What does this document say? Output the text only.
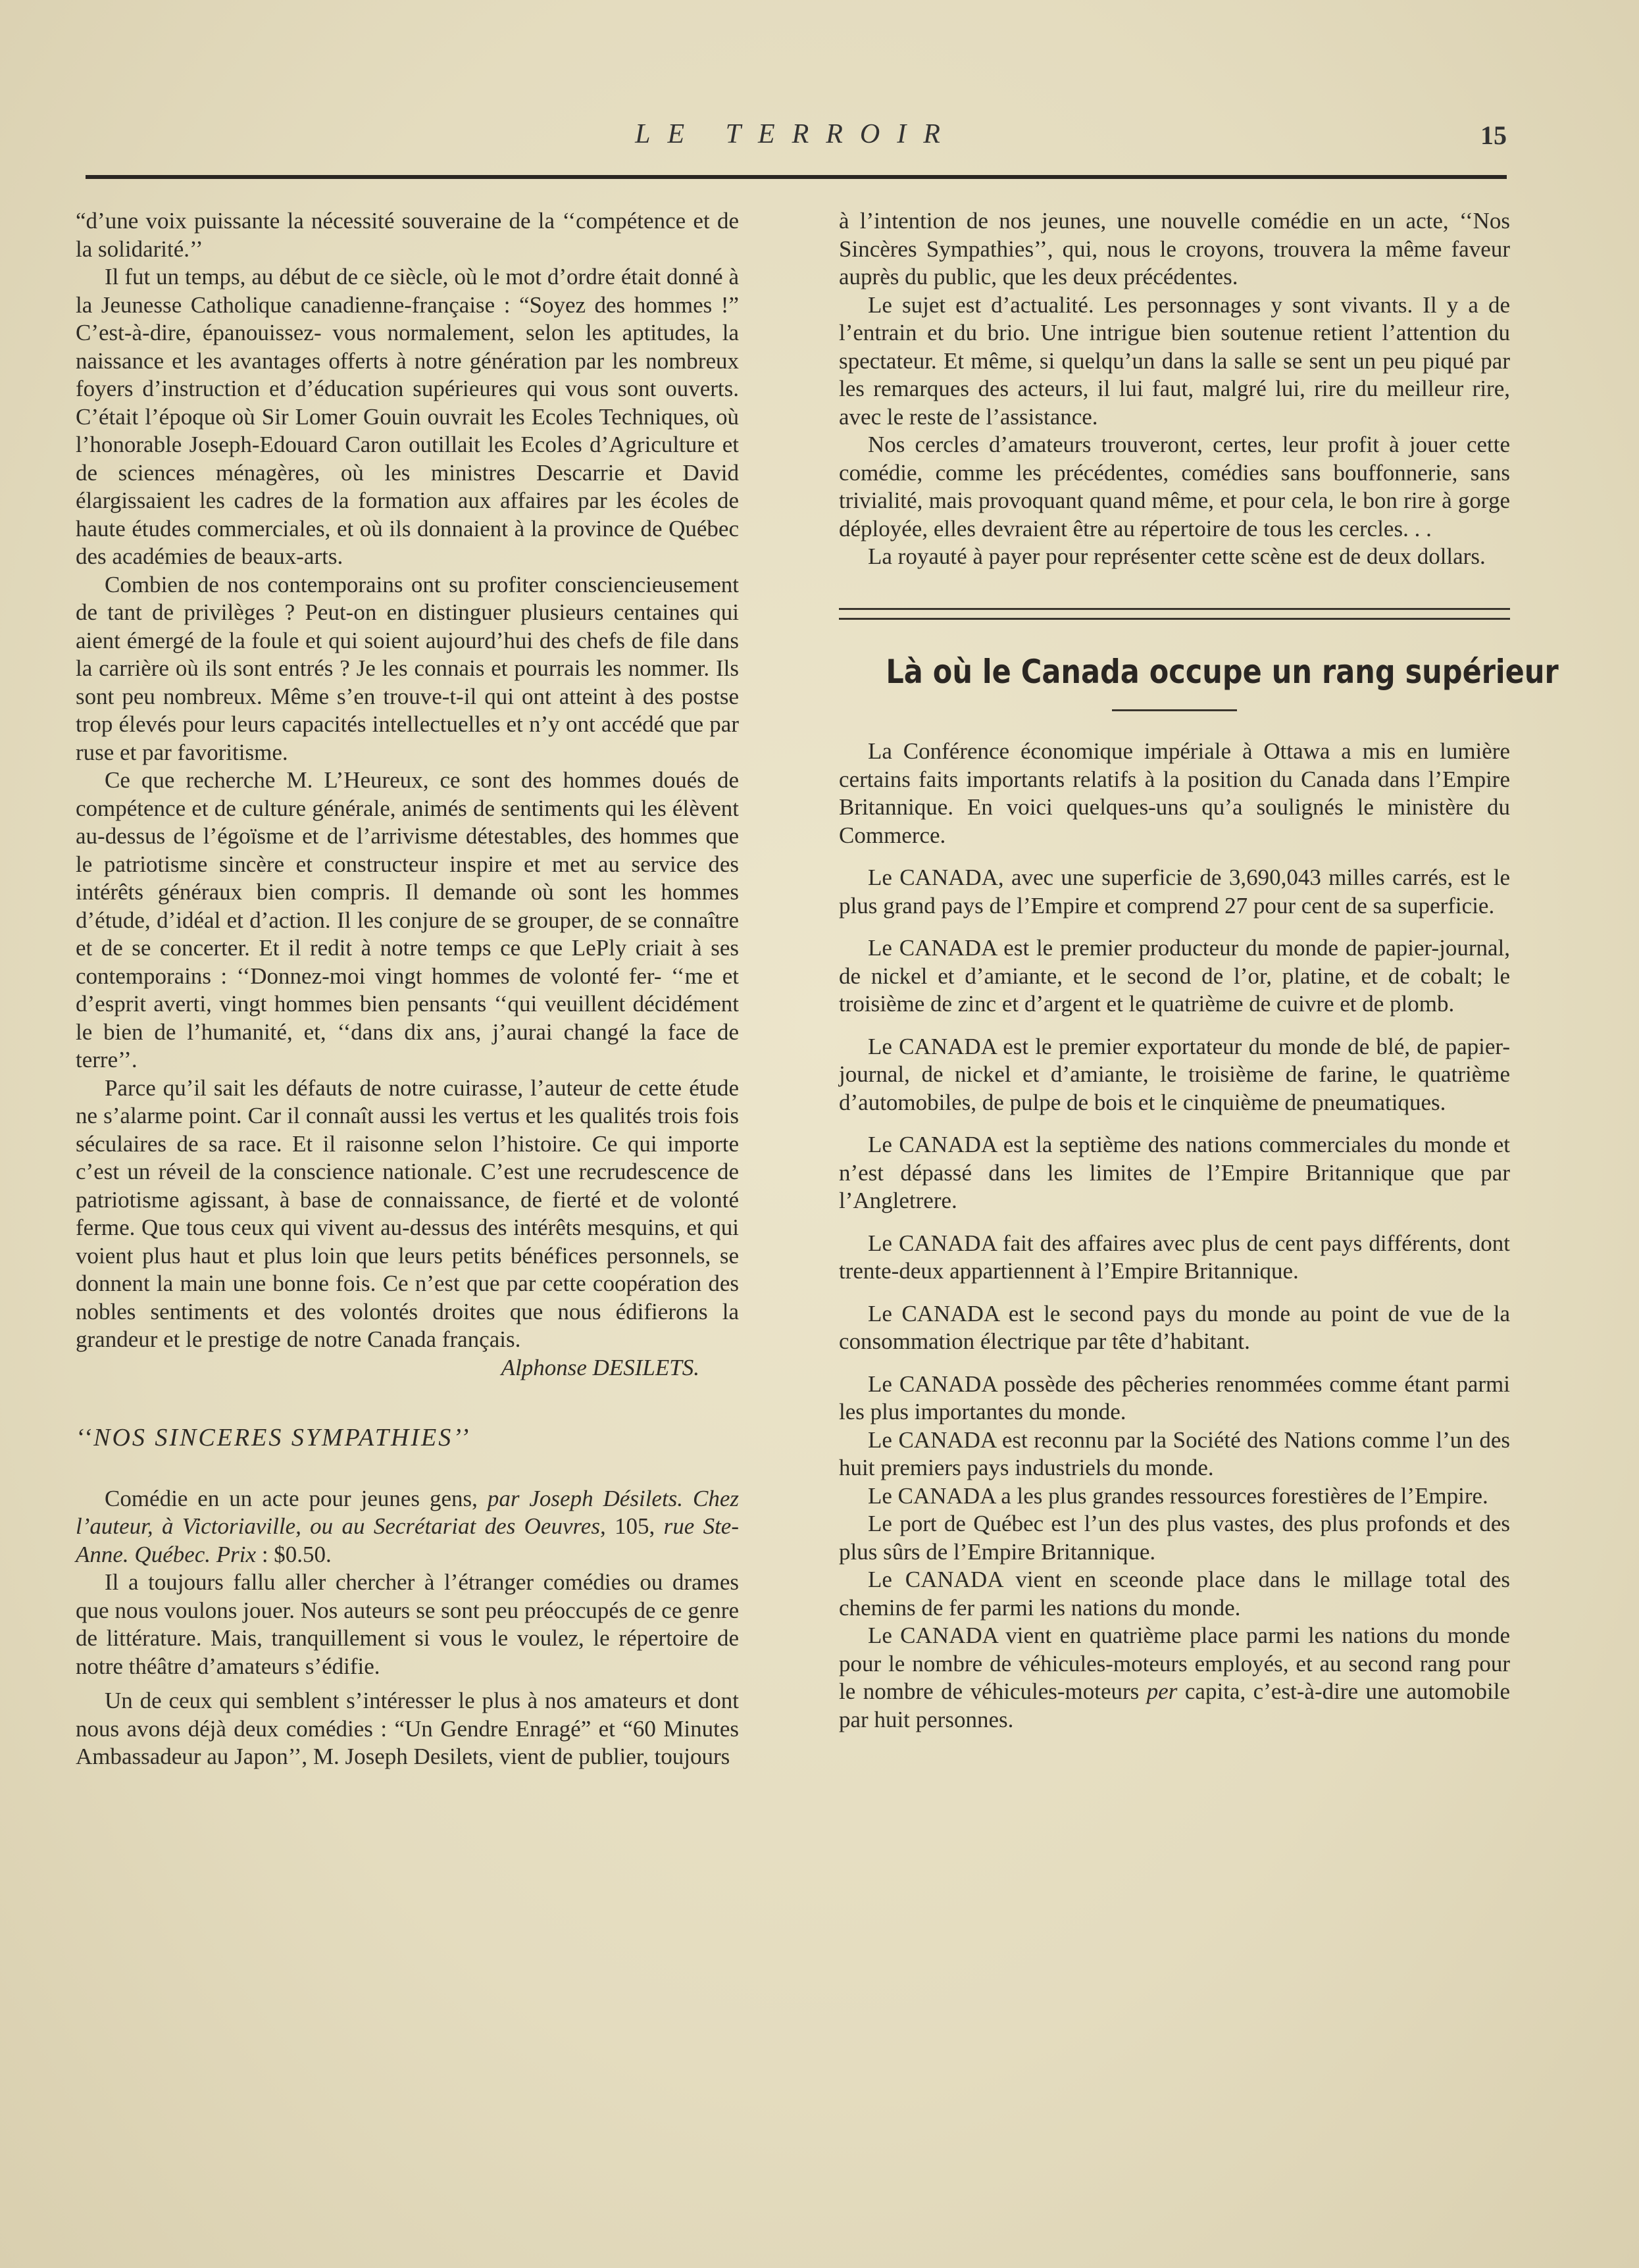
LE TERROIR	15

“d’une voix puissante la nécessité souveraine de la ‘‘compétence et de la solidarité.’’

Il fut un temps, au début de ce siècle, où le mot d’ordre était donné à la Jeunesse Catholique canadienne-française : “Soyez des hommes !” C’est-à-dire, épanouissez- vous normalement, selon les aptitudes, la naissance et les avantages offerts à notre génération par les nombreux foyers d’instruction et d’éducation supérieures qui vous sont ouverts. C’était l’époque où Sir Lomer Gouin ouvrait les Ecoles Techniques, où l’honorable Joseph-Edouard Caron outillait les Ecoles d’Agriculture et de sciences ménagères, où les ministres Descarrie et David élargissaient les cadres de la formation aux affaires par les écoles de haute études commerciales, et où ils donnaient à la province de Québec des académies de beaux-arts.

Combien de nos contemporains ont su profiter consciencieusement de tant de privilèges ? Peut-on en distinguer plusieurs centaines qui aient émergé de la foule et qui soient aujourd’hui des chefs de file dans la carrière où ils sont entrés ? Je les connais et pourrais les nommer. Ils sont peu nombreux. Même s’en trouve-t-il qui ont atteint à des postse trop élevés pour leurs capacités intellectuelles et n’y ont accédé que par ruse et par favoritisme.

Ce que recherche M. L’Heureux, ce sont des hommes doués de compétence et de culture générale, animés de sentiments qui les élèvent au-dessus de l’égoïsme et de l’arrivisme détestables, des hommes que le patriotisme sincère et constructeur inspire et met au service des intérêts généraux bien compris. Il demande où sont les hommes d’étude, d’idéal et d’action. Il les conjure de se grouper, de se connaître et de se concerter. Et il redit à notre temps ce que LePly criait à ses contemporains : ‘‘Donnez-moi vingt hommes de volonté fer- ‘‘me et d’esprit averti, vingt hommes bien pensants ‘‘qui veuillent décidément le bien de l’humanité, et, ‘‘dans dix ans, j’aurai changé la face de terre’’.

Parce qu’il sait les défauts de notre cuirasse, l’auteur de cette étude ne s’alarme point. Car il connaît aussi les vertus et les qualités trois fois séculaires de sa race. Et il raisonne selon l’histoire. Ce qui importe c’est un réveil de la conscience nationale. C’est une recrudescence de patriotisme agissant, à base de connaissance, de fierté et de volonté ferme. Que tous ceux qui vivent au-dessus des intérêts mesquins, et qui voient plus haut et plus loin que leurs petits bénéfices personnels, se donnent la main une bonne fois. Ce n’est que par cette coopération des nobles sentiments et des volontés droites que nous édifierons la grandeur et le prestige de notre Canada français.

Alphonse DESILETS.

‘‘NOS SINCERES SYMPATHIES’’

Comédie en un acte pour jeunes gens, par Joseph Désilets. Chez l’auteur, à Victoriaville, ou au Secrétariat des Oeuvres, 105, rue Ste-Anne. Québec. Prix : $0.50.

Il a toujours fallu aller chercher à l’étranger comédies ou drames que nous voulons jouer. Nos auteurs se sont peu préoccupés de ce genre de littérature. Mais, tranquillement si vous le voulez, le répertoire de notre théâtre d’amateurs s’édifie.

Un de ceux qui semblent s’intéresser le plus à nos amateurs et dont nous avons déjà deux comédies : “Un Gendre Enragé” et “60 Minutes Ambassadeur au Japon’’, M. Joseph Desilets, vient de publier, toujours

à l’intention de nos jeunes, une nouvelle comédie en un acte, ‘‘Nos Sincères Sympathies’’, qui, nous le croyons, trouvera la même faveur auprès du public, que les deux précédentes.

Le sujet est d’actualité. Les personnages y sont vivants. Il y a de l’entrain et du brio. Une intrigue bien soutenue retient l’attention du spectateur. Et même, si quelqu’un dans la salle se sent un peu piqué par les remarques des acteurs, il lui faut, malgré lui, rire du meilleur rire, avec le reste de l’assistance.

Nos cercles d’amateurs trouveront, certes, leur profit à jouer cette comédie, comme les précédentes, comédies sans bouffonnerie, sans trivialité, mais provoquant quand même, et pour cela, le bon rire à gorge déployée, elles devraient être au répertoire de tous les cercles. . .

La royauté à payer pour représenter cette scène est de deux dollars.

Là où le Canada occupe un rang supérieur

La Conférence économique impériale à Ottawa a mis en lumière certains faits importants relatifs à la position du Canada dans l’Empire Britannique. En voici quelques-uns qu’a soulignés le ministère du Commerce.

Le CANADA, avec une superficie de 3,690,043 milles carrés, est le plus grand pays de l’Empire et comprend 27 pour cent de sa superficie.

Le CANADA est le premier producteur du monde de papier-journal, de nickel et d’amiante, et le second de l’or, platine, et de cobalt; le troisième de zinc et d’argent et le quatrième de cuivre et de plomb.

Le CANADA est le premier exportateur du monde de blé, de papier-journal, de nickel et d’amiante, le troisième de farine, le quatrième d’automobiles, de pulpe de bois et le cinquième de pneumatiques.

Le CANADA est la septième des nations commerciales du monde et n’est dépassé dans les limites de l’Empire Britannique que par l’Angletrere.

Le CANADA fait des affaires avec plus de cent pays différents, dont trente-deux appartiennent à l’Empire Britannique.

Le CANADA est le second pays du monde au point de vue de la consommation électrique par tête d’habitant.

Le CANADA possède des pêcheries renommées comme étant parmi les plus importantes du monde.

Le CANADA est reconnu par la Société des Nations comme l’un des huit premiers pays industriels du monde.

Le CANADA a les plus grandes ressources forestières de l’Empire.

Le port de Québec est l’un des plus vastes, des plus profonds et des plus sûrs de l’Empire Britannique.

Le CANADA vient en sceonde place dans le millage total des chemins de fer parmi les nations du monde.

Le CANADA vient en quatrième place parmi les nations du monde pour le nombre de véhicules-moteurs employés, et au second rang pour le nombre de véhicules-moteurs per capita, c’est-à-dire une automobile par huit personnes.
